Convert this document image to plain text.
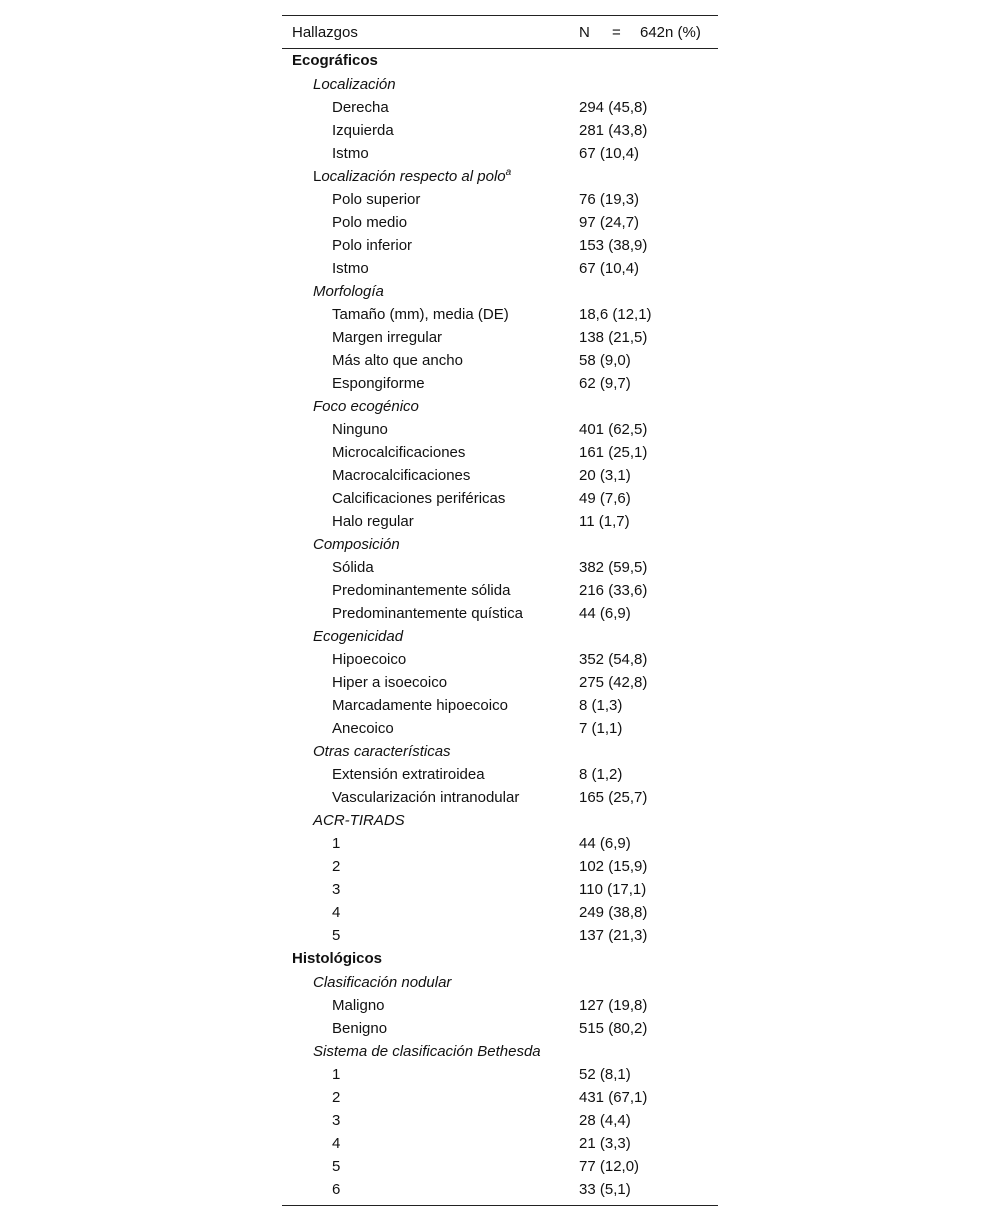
Hallazgos	N = 642n (%)
Ecográficos
Localización
Derecha	294 (45,8)
Izquierda	281 (43,8)
Istmo	67 (10,4)
Localización respecto al polo$^a$
Polo superior	76 (19,3)
Polo medio	97 (24,7)
Polo inferior	153 (38,9)
Istmo	67 (10,4)
Morfología
Tamaño (mm), media (DE)	18,6 (12,1)
Margen irregular	138 (21,5)
Más alto que ancho	58 (9,0)
Espongiforme	62 (9,7)
Foco ecogénico
Ninguno	401 (62,5)
Microcalcificaciones	161 (25,1)
Macrocalcificaciones	20 (3,1)
Calcificaciones periféricas	49 (7,6)
Halo regular	11 (1,7)
Composición
Sólida	382 (59,5)
Predominantemente sólida	216 (33,6)
Predominantemente quística	44 (6,9)
Ecogenicidad
Hipoecoico	352 (54,8)
Hiper a isoecoico	275 (42,8)
Marcadamente hipoecoico	8 (1,3)
Anecoico	7 (1,1)
Otras características
Extensión extratiroidea	8 (1,2)
Vascularización intranodular	165 (25,7)
ACR-TIRADS
1	44 (6,9)
2	102 (15,9)
3	110 (17,1)
4	249 (38,8)
5	137 (21,3)
Histológicos
Clasificación nodular
Maligno	127 (19,8)
Benigno	515 (80,2)
Sistema de clasificación Bethesda
1	52 (8,1)
2	431 (67,1)
3	28 (4,4)
4	21 (3,3)
5	77 (12,0)
6	33 (5,1)
